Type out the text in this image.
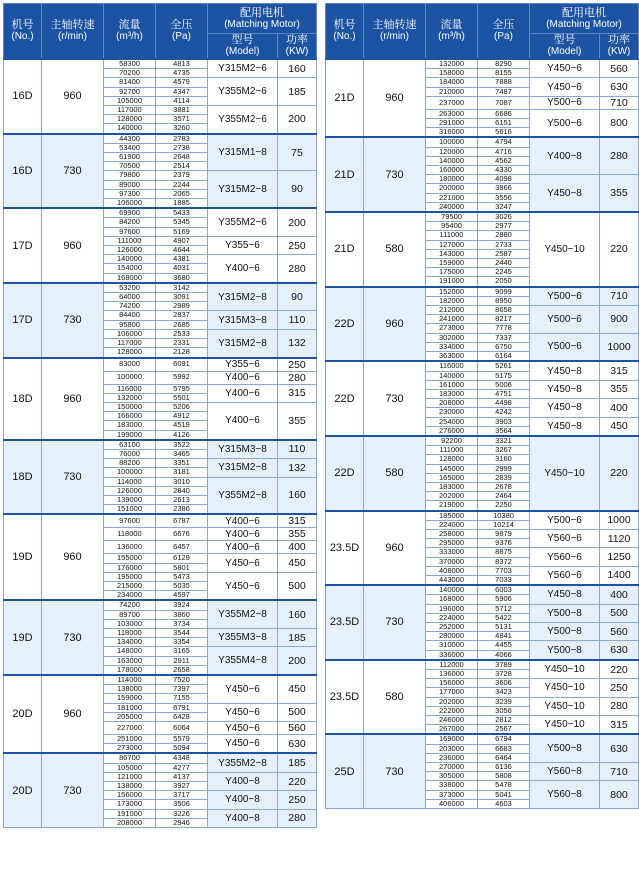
机号
(No.)	主轴转速
(r/min)	流量
(m³/h)	全压
(Pa)	配用电机
(Matching Motor)	

				型号
(Model)	功率
(KW)

16D	960	58300	4813	Y315M2−6	160
		70200	4735		
		81400	4579	Y355M2−6	185
		92700	4347		
		105000	4114		
		117000	3881	Y355M2−6	200
		128000	3571		
		140000	3260		
16D	730	44300	2783	Y315M1−8	75
		53400	2738		
		61900	2648		
		70500	2514		
		79800	2379	Y315M2−8	90
		89000	2244		
		97300	2065		
		106000	1885		
17D	960	69900	5433	Y355M2−6	200
		84200	5345		
		97600	5169		
		111000	4907	Y355−6	250
		126000	4644		
		140000	4381	Y400−6	280
		154000	4031		
		168000	3680		
17D	730	53200	3142	Y315M2−8	90
		64000	3091		
		74200	2989		
		84400	2837	Y315M3−8	110
		95800	2685		
		106000	2533	Y315M2−8	132
		117000	2331		
		128000	2128		
18D	960	83000	6091	Y355−6	250
		100000	5992	Y400−6	280
		116000	5795	Y400−6	315
		132000	5501		
		150000	5206	Y400−6	355
		166000	4912		
		183000	4519		
		199000	4126		
18D	730	63100	3522	Y315M3−8	110
		76000	3465		
		88200	3351	Y315M2−8	132
		100000	3181		
		114000	3010	Y355M2−8	160
		126000	2840		
		139000	2613		
		151000	2386		
19D	960	97600	6787	Y400−6	315
		118000	6676	Y400−6	355
		136000	6457	Y400−6	400
		155000	6129	Y450−6	450
		176000	5801		
		195000	5473	Y450−6	500
		215000	5035		
		234000	4597		
19D	730	74200	3924	Y355M2−8	160
		89700	3860		
		103000	3734		
		118000	3544	Y355M3−8	185
		134000	3354		
		148000	3165	Y355M4−8	200
		163000	2911		
		178000	2658		
20D	960	114000	7520	Y450−6	450
		138000	7397		
		159000	7155		
		181000	6791	Y450−6	500
		205000	6428		
		227000	6064	Y450−6	560
		251000	5579	Y450−6	630
		273000	5094		
20D	730	86700	4348	Y355M2−8	185
		105000	4277		
		121000	4137	Y400−8	220
		138000	3927		
		156000	3717	Y400−8	250
		173000	3506		
		191000	3226	Y400−8	280
		208000	2946		
机号
(No.)	主轴转速
(r/min)	流量
(m³/h)	全压
(Pa)	配用电机
(Matching Motor)	

				型号
(Model)	功率
(KW)

21D	960	132000	8290	Y450−6	560
		158000	8155		
		184000	7888	Y450−6	630
		210000	7487		
		237000	7087	Y500−6	710
		263000	6686	Y500−6	800
		291000	6151		
		316000	5616		
21D	730	100000	4794	Y400−8	280
		120000	4716		
		140000	4562		
		160000	4330		
		180000	4098	Y450−8	355
		200000	3866		
		221000	3556		
		240000	3247		
21D	580	79500	3026	Y450−10	220
		95400	2977		
		111000	2880		
		127000	2733		
		143000	2587		
		159000	2440		
		175000	2245		
		191000	2050		
22D	960	152000	9099	Y500−6	710
		182000	8950		
		212000	8658	Y500−6	900
		241000	8217		
		273000	7778		
		302000	7337	Y500−6	1000
		334000	6750		
		363000	6164		
22D	730	116000	5261	Y450−8	315
		140000	5175		
		161000	5006	Y450−8	355
		183000	4751		
		208000	4498	Y450−8	400
		230000	4242		
		254000	3903	Y450−8	450
		276000	3564		
22D	580	92200	3321	Y450−10	220
		111000	3267		
		128000	3160		
		145000	2999		
		165000	2839		
		183000	2678		
		202000	2464		
		219000	2250		
23.5D	960	185000	10380	Y500−6	1000
		224000	10214		
		258000	9879	Y560−6	1120
		295000	9376		
		333000	8875	Y560−6	1250
		370000	8372		
		408000	7703	Y560−6	1400
		443000	7033		
23.5D	730	140000	6003	Y450−8	400
		168000	5906		
		196000	5712	Y500−8	500
		224000	5422		
		252000	5131	Y500−8	560
		280000	4841		
		310000	4455	Y500−8	630
		336000	4066		
23.5D	580	112000	3789	Y450−10	220
		136000	3728		
		156000	3606	Y450−10	250
		177000	3423		
		202000	3239	Y450−10	280
		222000	3056		
		246000	2812	Y450−10	315
		267000	2567		
25D	730	169000	6794	Y500−8	630
		203000	6683		
		236000	6464		
		270000	6136	Y560−8	710
		305000	5808		
		338000	5478	Y560−8	800
		373000	5041		
		406000	4603		
